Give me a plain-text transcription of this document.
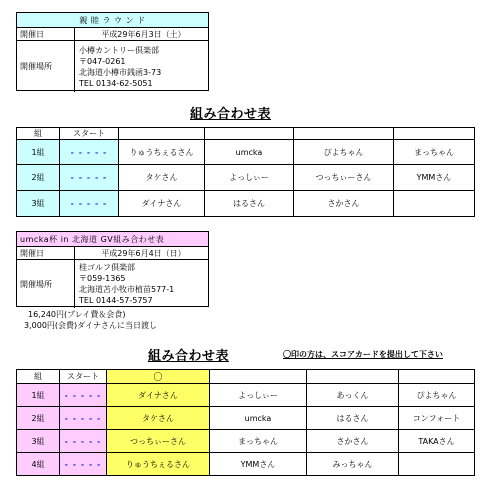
親 睦 ラ ウ ン ド
開催日	平成29年6月3日（土）
開催場所
小樽カントリー倶楽部
〒047-0261
北海道小樽市銭函3-73
TEL 0134-62-5051
組み合わせ表
組	スタート				
1組	- - - - -	りゅうちぇるさん	umcka	ぴよちゃん	まっちゃん
2組	- - - - -	タケさん	よっしぃー	つっちぃーさん	YMMさん
3組	- - - - -	ダイナさん	はるさん	さかさん	
umcka杯 in 北海道 GV組み合わせ表
開催日	平成29年6月4日（日）
開催場所
桂ゴルフ倶楽部
〒059-1365
北海道苫小牧市植苗577-1
TEL 0144-57-5757
16,240円(プレイ費＆会食)
3,000円(会費)ダイナさんに当日渡し
組み合わせ表	〇印の方は、スコアカードを提出して下さい
組	スタート	〇			
1組	- - - - -	ダイナさん	よっしぃー	あっくん	ぴよちゃん
2組	- - - - -	タケさん	umcka	はるさん	コンフォート
3組	- - - - -	つっちぃーさん	まっちゃん	さかさん	TAKAさん
4組	- - - - -	りゅうちぇるさん	YMMさん	みっちゃん	
